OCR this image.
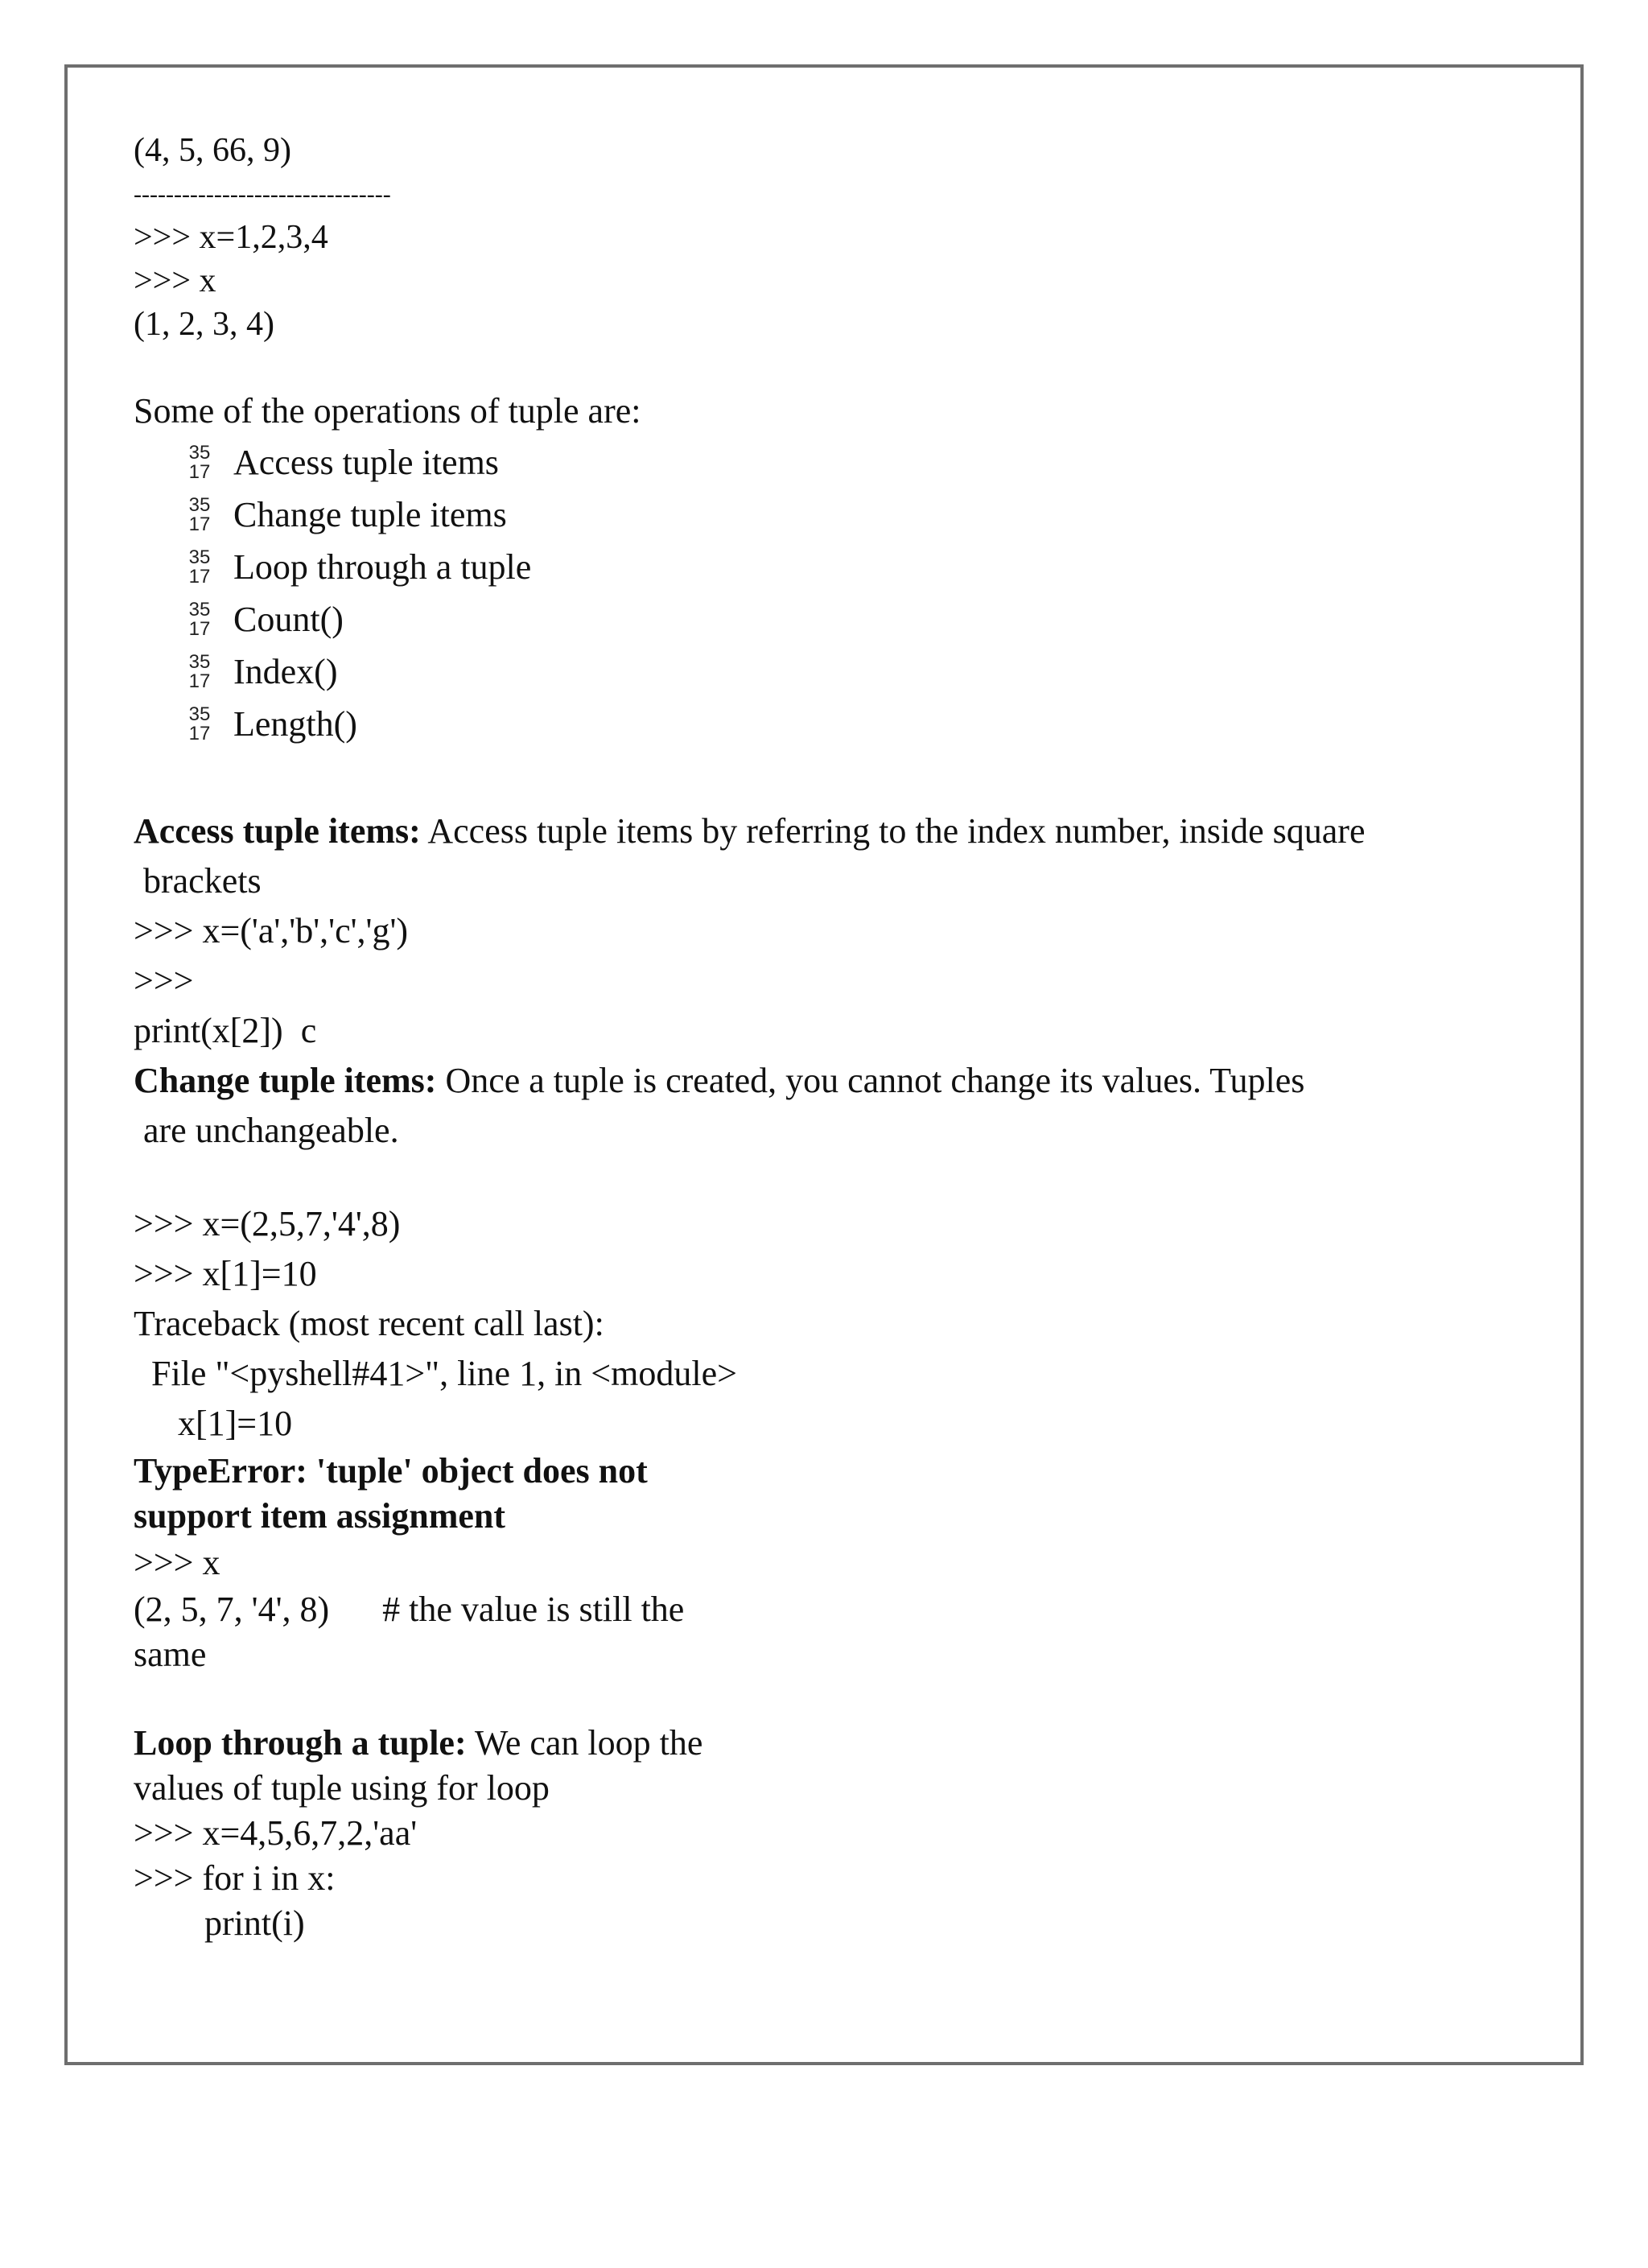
(4, 5, 66, 9)
--------------------------------
>>> x=1,2,3,4
>>> x
(1, 2, 3, 4)
Some of the operations of tuple are:
35
17 Access tuple items
35
17 Change tuple items
35
17 Loop through a tuple
35
17 Count()
35
17 Index()
35
17 Length()
Access tuple items: Access tuple items by referring to the index number, inside square
brackets
>>> x=('a','b','c','g')
>>>
print(x[2])  c
Change tuple items: Once a tuple is created, you cannot change its values. Tuples
are unchangeable.
>>> x=(2,5,7,'4',8)
>>> x[1]=10
Traceback (most recent call last):
File "<pyshell#41>", line 1, in <module>
x[1]=10
TypeError: 'tuple' object does not
support item assignment
>>> x
(2, 5, 7, '4', 8)      # the value is still the
same
Loop through a tuple: We can loop the
values of tuple using for loop
>>> x=4,5,6,7,2,'aa'
>>> for i in x:
print(i)
